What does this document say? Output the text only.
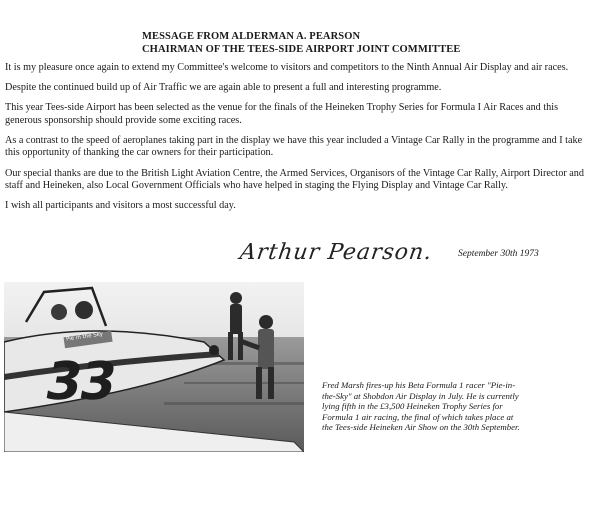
MESSAGE FROM ALDERMAN A. PEARSON
CHAIRMAN OF THE TEES-SIDE AIRPORT JOINT COMMITTEE

It is my pleasure once again to extend my Committee's welcome to visitors and competitors to the Ninth Annual Air Display and air races.

Despite the continued build up of Air Traffic we are again able to present a full and interesting programme.

This year Tees-side Airport has been selected as the venue for the finals of the Heineken Trophy Series for Formula I Air Races and this generous sponsorship should provide some exciting races.

As a contrast to the speed of aeroplanes taking part in the display we have this year included a Vintage Car Rally in the programme and I take this opportunity of thanking the car owners for their participation.

Our special thanks are due to the British Light Aviation Centre, the Armed Services, Organisors of the Vintage Car Rally, Airport Director and staff and Heineken, also Local Government Officials who have helped in staging the Flying Display and Vintage Car Rally.

I wish all participants and visitors a most successful day.

Arthur Pearson.	September 30th 1973
33
Pie in the Sky
Fred Marsh fires-up his Beta Formula 1 racer "Pie-in-the-Sky" at Shobdon Air Display in July. He is currently lying fifth in the £3,500 Heineken Trophy Series for Formula 1 air racing, the final of which takes place at the Tees-side Heineken Air Show on the 30th September.
